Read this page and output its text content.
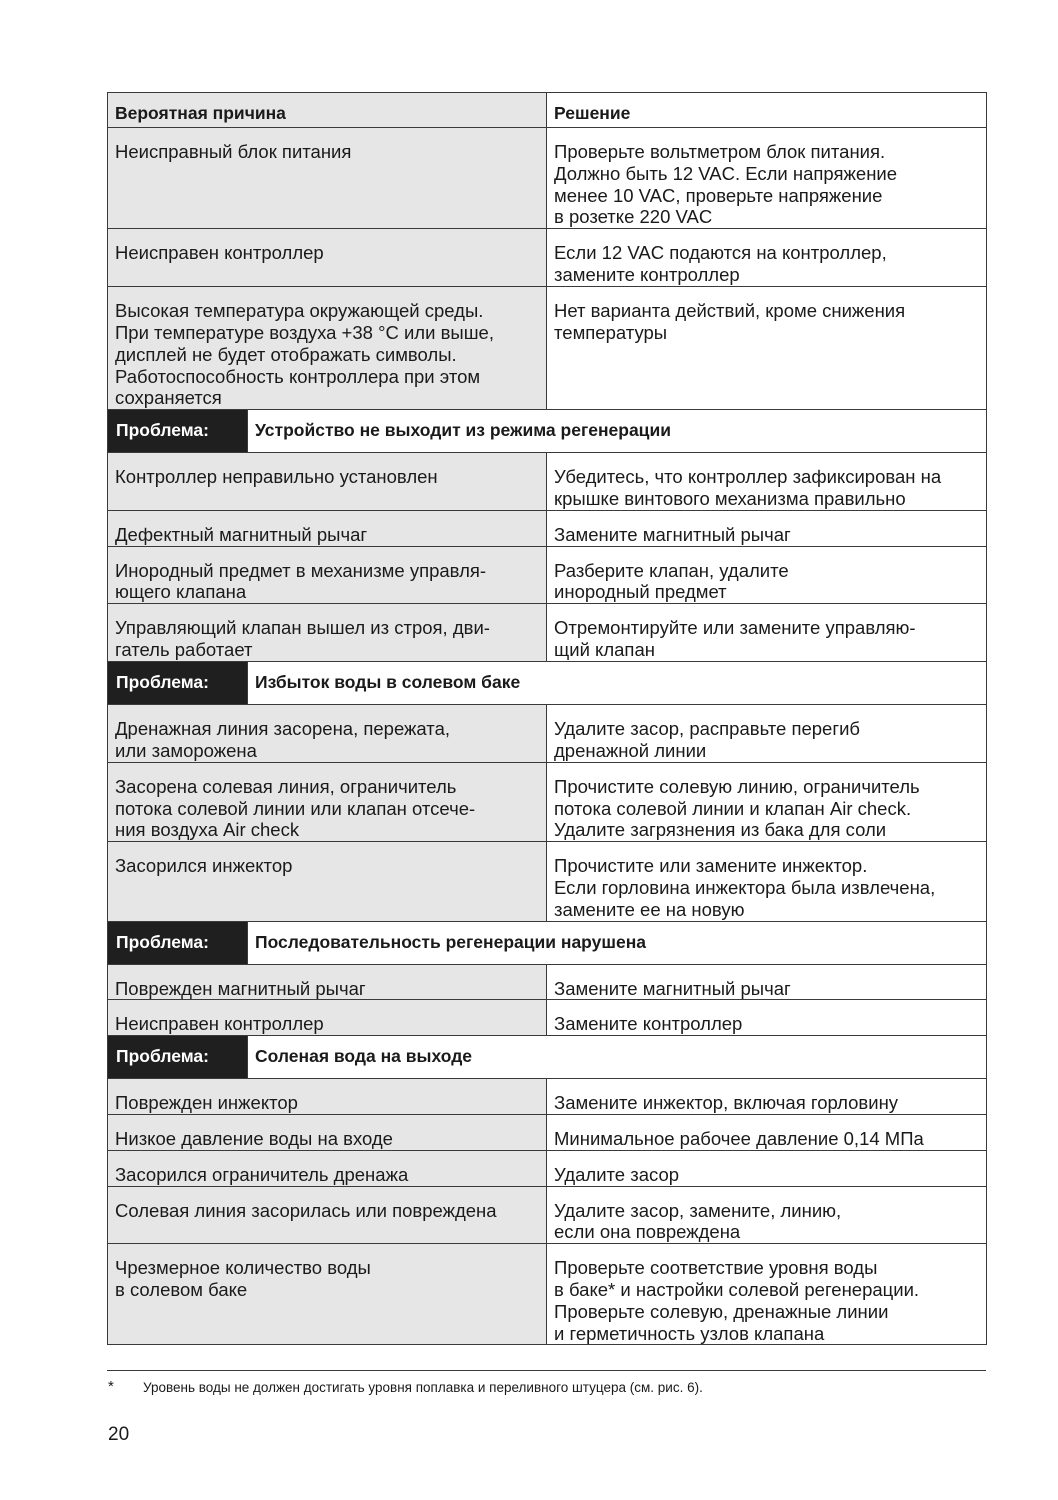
Вероятная причина		Решение

Неисправный блок питания		Проверьте вольтметром блок питания.
Должно быть 12 VAC. Если напряжение
менее 10 VAC, проверьте напряжение
в розетке 220 VAC

Неисправен контроллер		Если 12 VAC подаются на контроллер,
замените контроллер

Высокая температура окружающей среды.
При температуре воздуха +38 °С или выше,
дисплей не будет отображать символы.
Работоспособность контроллера при этом
сохраняется		Нет варианта действий, кроме снижения
температуры

Проблема:	Устройство не выходит из режима регенерации	

Контроллер неправильно установлен		Убедитесь, что контроллер зафиксирован на
крышке винтового механизма правильно

Дефектный магнитный рычаг		Замените магнитный рычаг

Инородный предмет в механизме управля-
ющего клапана		Разберите клапан, удалите
инородный предмет

Управляющий клапан вышел из строя, дви-
гатель работает		Отремонтируйте или замените управляю-
щий клапан

Проблема:	Избыток воды в солевом баке	

Дренажная линия засорена, пережата,
или заморожена		Удалите засор, расправьте перегиб
дренажной линии

Засорена солевая линия, ограничитель
потока солевой линии или клапан отсече-
ния воздуха Air check		Прочистите солевую линию, ограничитель
потока солевой линии и клапан Air check.
Удалите загрязнения из бака для соли

Засорился инжектор		Прочистите или замените инжектор.
Если горловина инжектора была извлечена,
замените ее на новую

Проблема:	Последовательность регенерации нарушена	

Поврежден магнитный рычаг		Замените магнитный рычаг

Неисправен контроллер		Замените контроллер

Проблема:	Соленая вода на выходе	

Поврежден инжектор		Замените инжектор, включая горловину

Низкое давление воды на входе		Минимальное рабочее давление 0,14 МПа

Засорился ограничитель дренажа		Удалите засор

Солевая линия засорилась или повреждена		Удалите засор, замените, линию,
если она повреждена

Чрезмерное количество воды
в солевом баке		Проверьте соответствие уровня воды
в баке* и настройки солевой регенерации.
Проверьте солевую, дренажные линии
и герметичность узлов клапана
* Уровень воды не должен достигать уровня поплавка и переливного штуцера (см. рис. 6).
20
